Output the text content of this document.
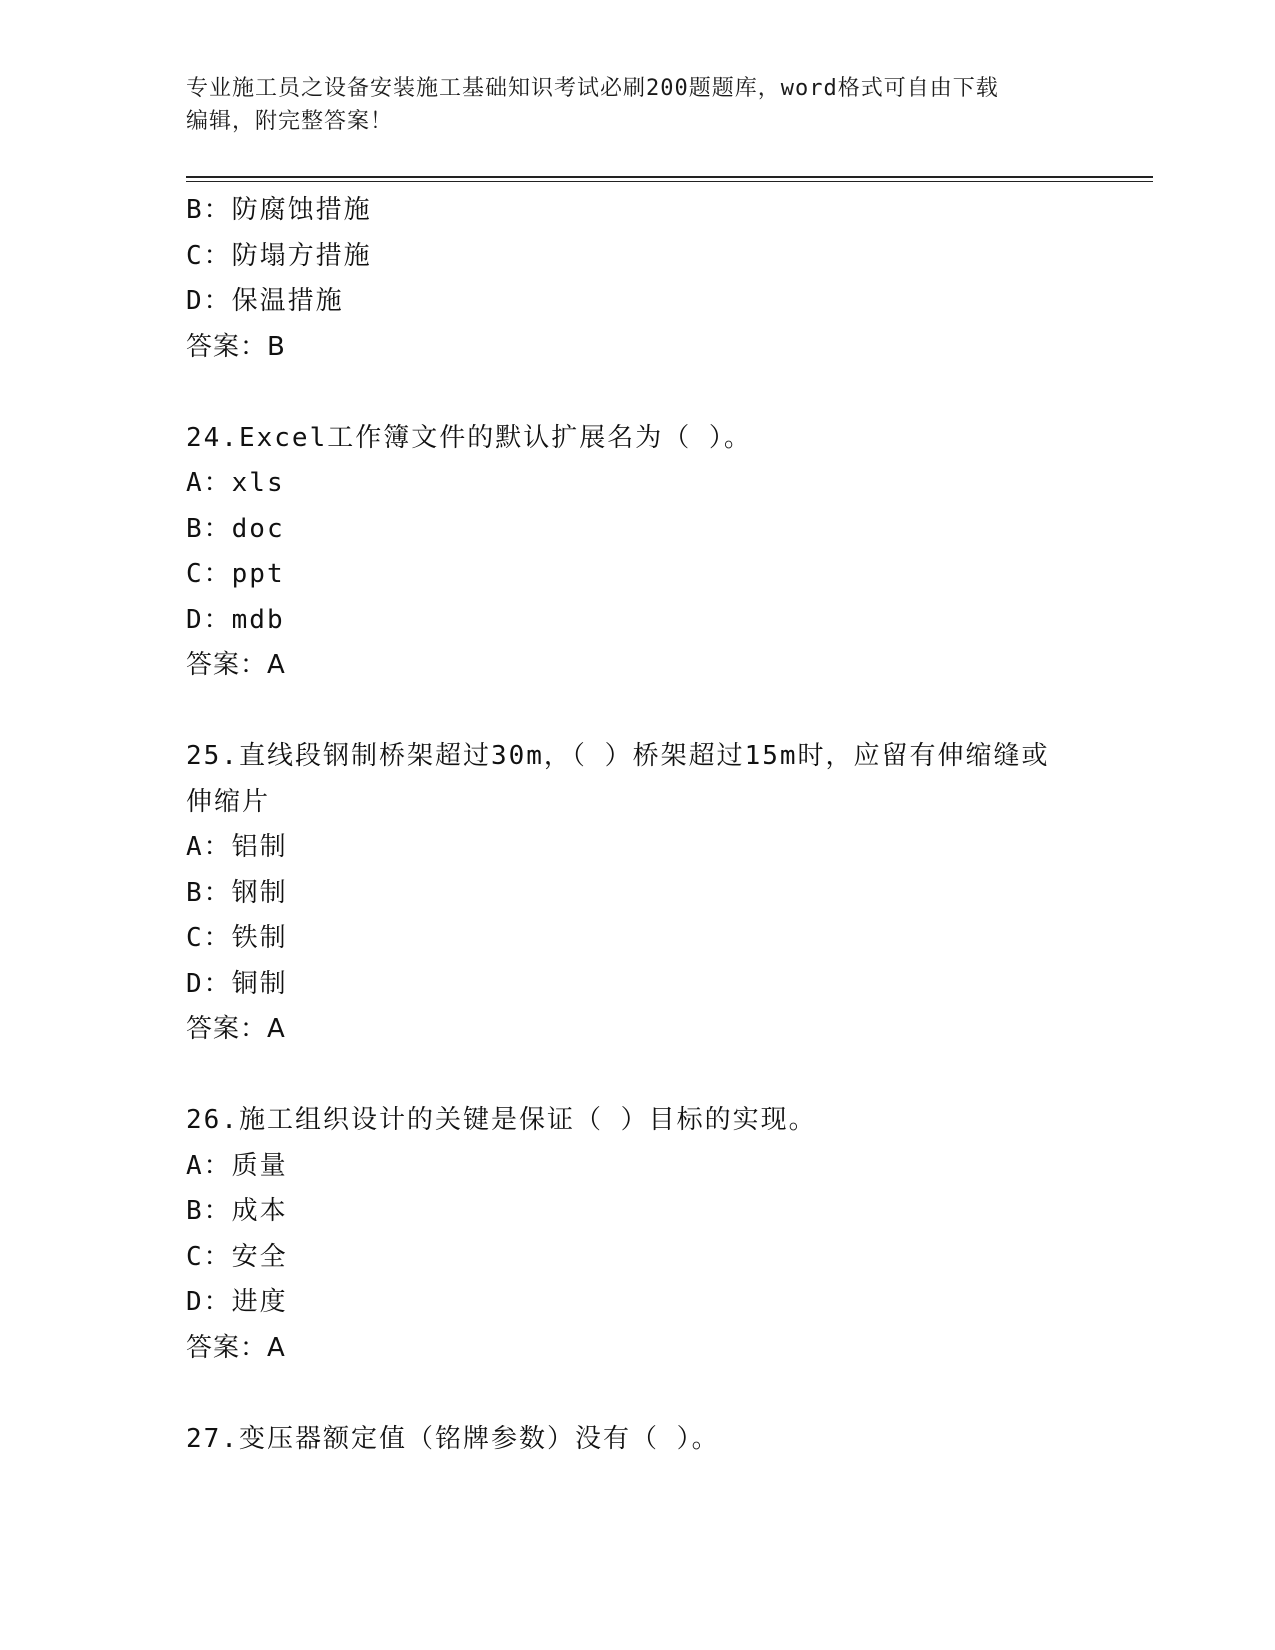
专业施工员之设备安装施工基础知识考试必刷200题题库，word格式可自由下载
编辑，附完整答案！
B：防腐蚀措施
C：防塌方措施
D：保温措施
答案：B
24.Excel工作簿文件的默认扩展名为（ ）。
A：xls
B：doc
C：ppt
D：mdb
答案：A
25.直线段钢制桥架超过30m，（ ）桥架超过15m时，应留有伸缩缝或
伸缩片
A：铝制
B：钢制
C：铁制
D：铜制
答案：A
26.施工组织设计的关键是保证（ ）目标的实现。
A：质量
B：成本
C：安全
D：进度
答案：A
27.变压器额定值（铭牌参数）没有（ ）。
